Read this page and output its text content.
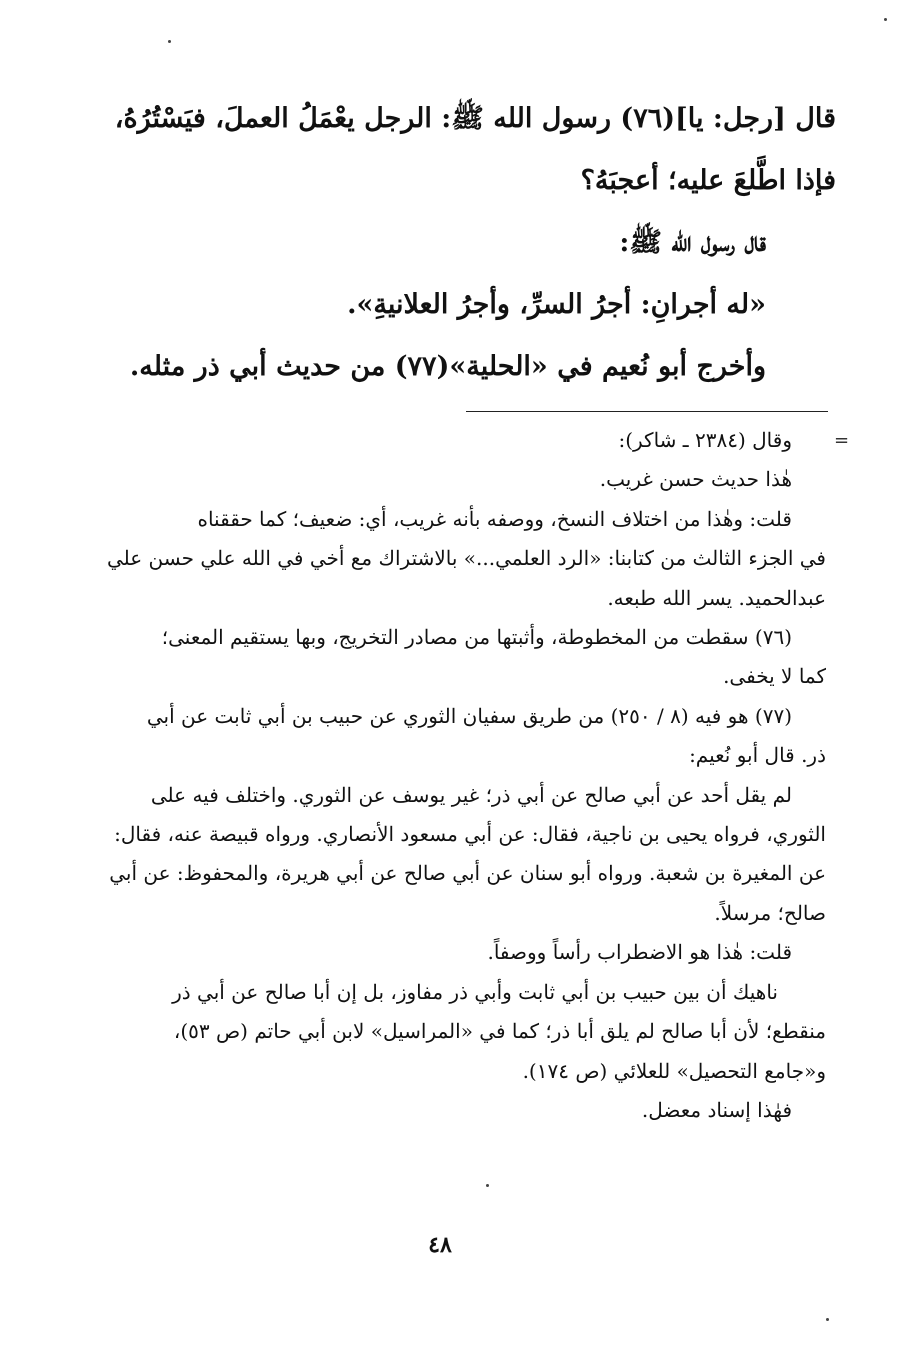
قال [رجل: يا](٧٦) رسول الله ﷺ: الرجل يعْمَلُ العملَ، فيَسْتُرُهُ،

فإذا اطَّلعَ عليه؛ أعجبَهُ؟

قال رسول الله ﷺ:

«له أجرانِ: أجرُ السرِّ، وأجرُ العلانيةِ».

وأخرج أبو نُعيم في «الحلية»(٧٧) من حديث أبي ذر مثله.

=

وقال (٢٣٨٤ ـ شاكر):

هٰذا حديث حسن غريب.

قلت: وهٰذا من اختلاف النسخ، ووصفه بأنه غريب، أي: ضعيف؛ كما حققناه

في الجزء الثالث من كتابنا: «الرد العلمي...» بالاشتراك مع أخي في الله علي حسن علي

عبدالحميد. يسر الله طبعه.

(٧٦) سقطت من المخطوطة، وأثبتها من مصادر التخريج، وبها يستقيم المعنى؛

كما لا يخفى.

(٧٧) هو فيه (٨ / ٢٥٠) من طريق سفيان الثوري عن حبيب بن أبي ثابت عن أبي

ذر. قال أبو نُعيم:

لم يقل أحد عن أبي صالح عن أبي ذر؛ غير يوسف عن الثوري. واختلف فيه على

الثوري، فرواه يحيى بن ناجية، فقال: عن أبي مسعود الأنصاري. ورواه قبيصة عنه، فقال:

عن المغيرة بن شعبة. ورواه أبو سنان عن أبي صالح عن أبي هريرة، والمحفوظ: عن أبي

صالح؛ مرسلاً.

قلت: هٰذا هو الاضطراب رأساً ووصفاً.

ناهيك أن بين حبيب بن أبي ثابت وأبي ذر مفاوز، بل إن أبا صالح عن أبي ذر

منقطع؛ لأن أبا صالح لم يلق أبا ذر؛ كما في «المراسيل» لابن أبي حاتم (ص ٥٣)،

و«جامع التحصيل» للعلائي (ص ١٧٤).

فهٰذا إسناد معضل.

٤٨
